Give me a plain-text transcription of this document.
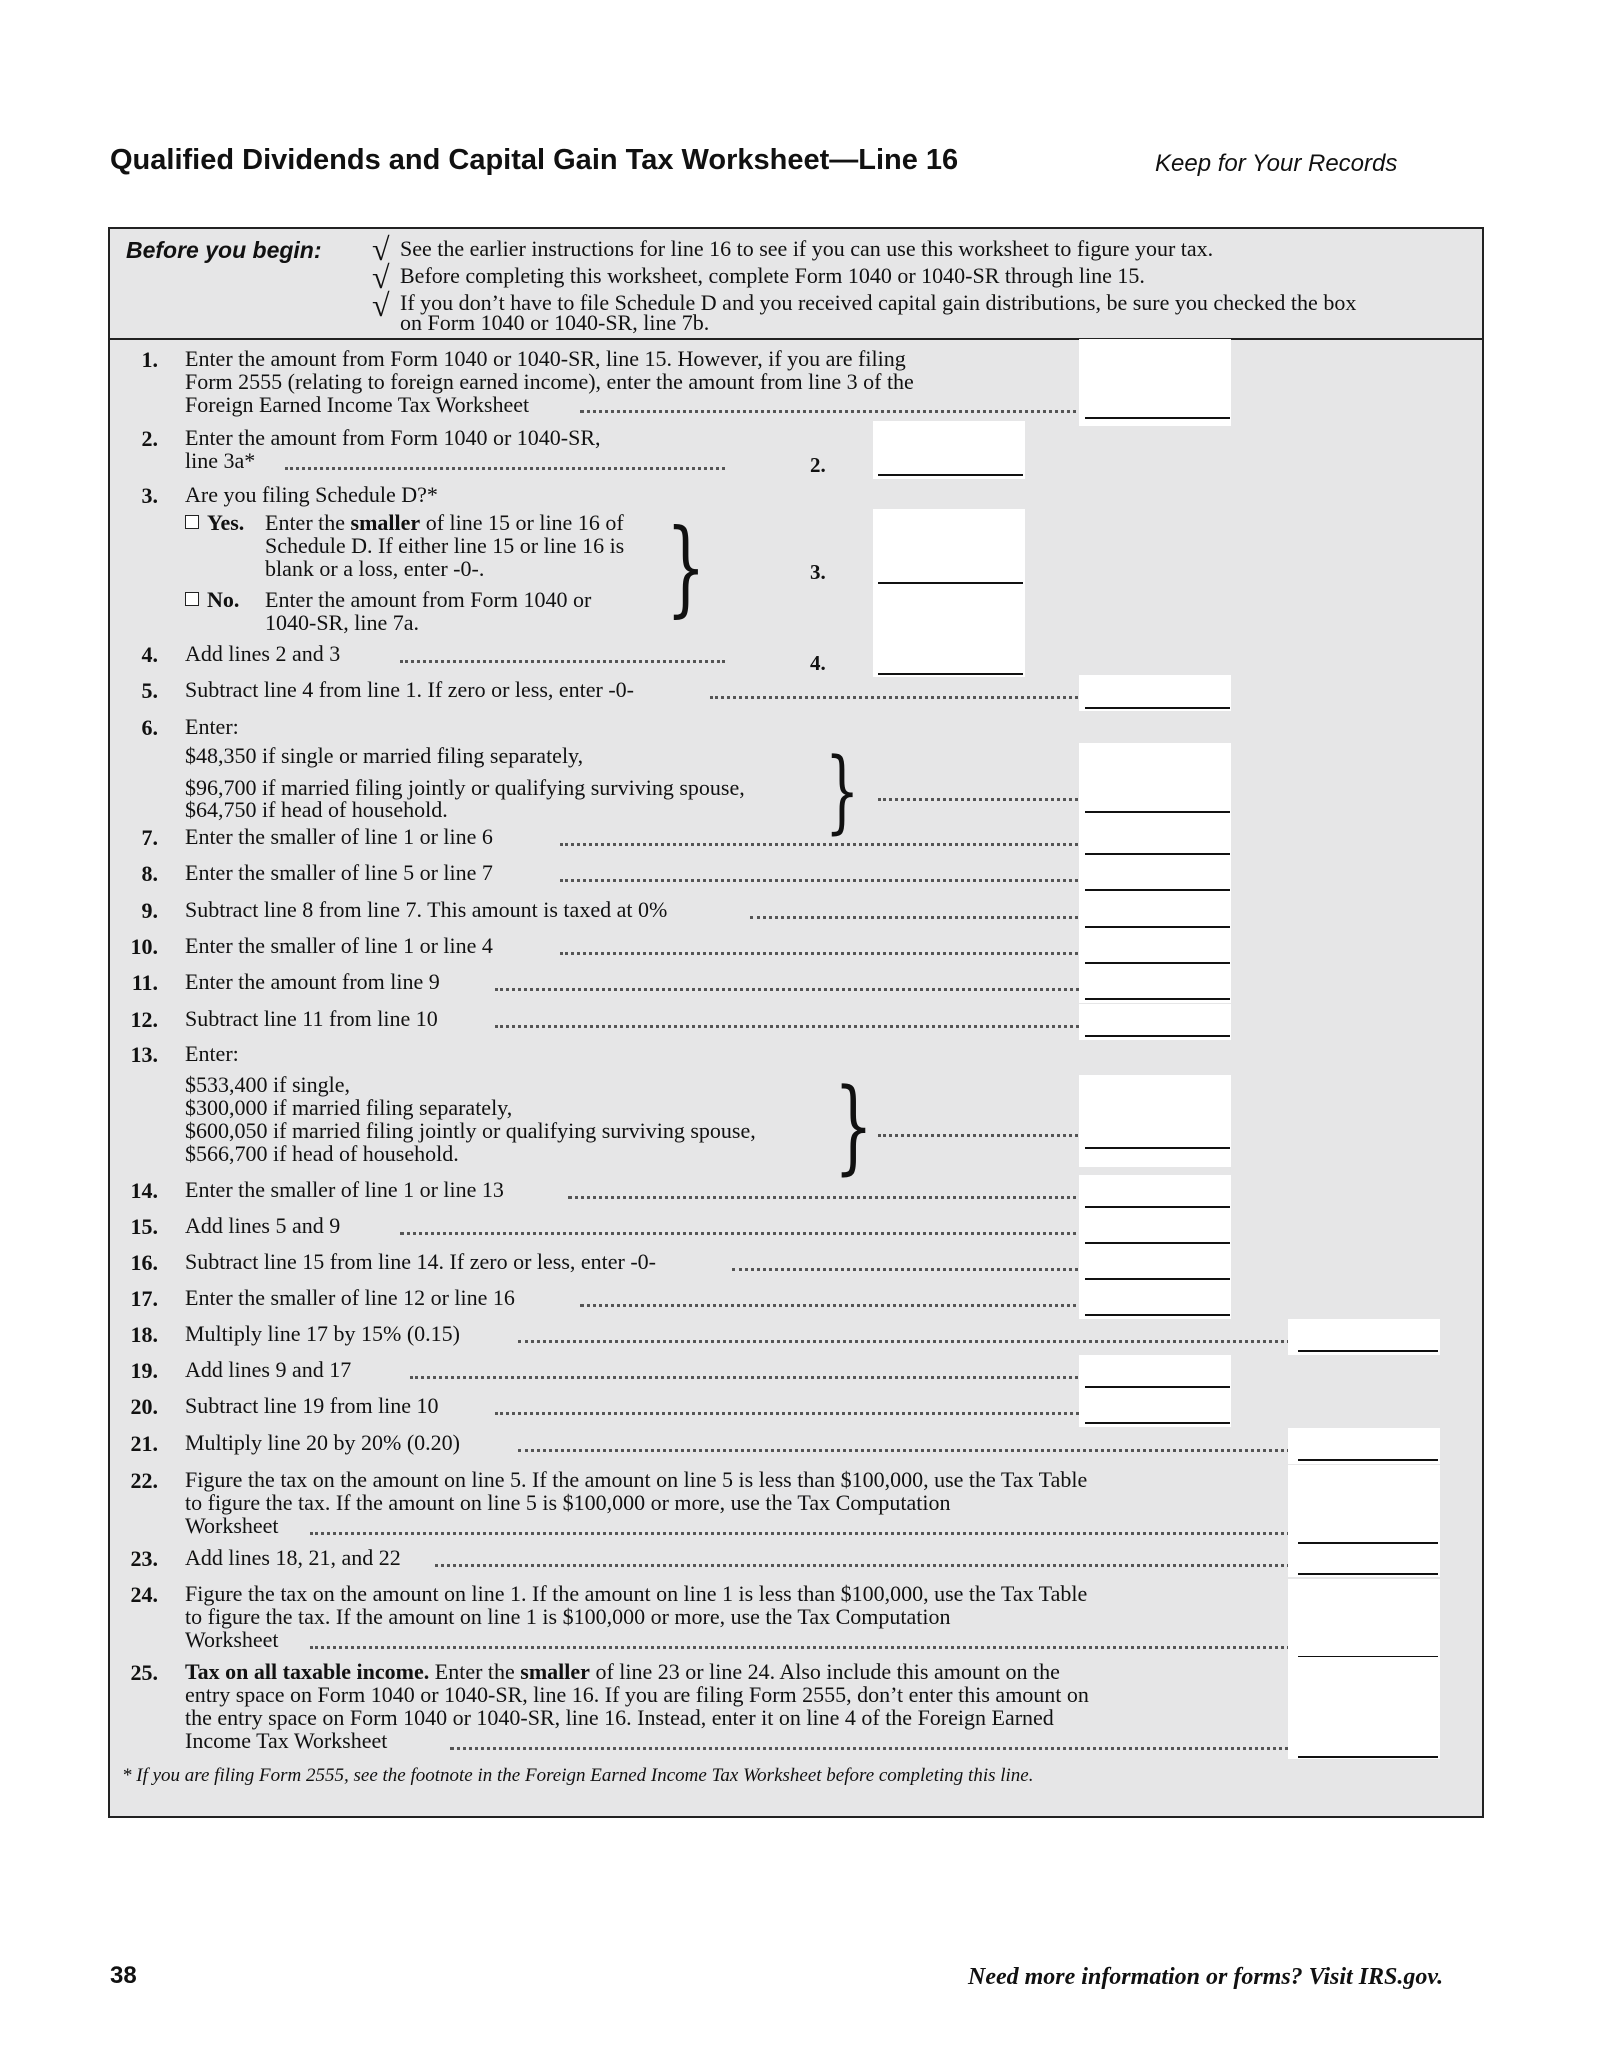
Qualified Dividends and Capital Gain Tax Worksheet—Line 16	Keep for Your Records
Before you begin: √
√
√
See the earlier instructions for line 16 to see if you can use this worksheet to figure your tax.
Before completing this worksheet, complete Form 1040 or 1040-SR through line 15.
If you don’t have to file Schedule D and you received capital gain distributions, be sure you checked the box
on Form 1040 or 1040-SR, line 7b.
1. Enter the amount from Form 1040 or 1040-SR, line 15. However, if you are filing
Form 2555 (relating to foreign earned income), enter the amount from line 3 of the
Foreign Earned Income Tax Worksheet
2. Enter the amount from Form 1040 or 1040-SR,
line 3a*	2.
3. Are you filing Schedule D?*
Yes. Enter the smaller of line 15 or line 16 of
Schedule D. If either line 15 or line 16 is
blank or a loss, enter -0-.
No. Enter the amount from Form 1040 or
1040-SR, line 7a. }	3.
4. Add lines 2 and 3	4.
5. Subtract line 4 from line 1. If zero or less, enter -0-
6. Enter:
$48,350 if single or married filing separately,
$96,700 if married filing jointly or qualifying surviving spouse,
$64,750 if head of household.	}
7. Enter the smaller of line 1 or line 6
8. Enter the smaller of line 5 or line 7
9. Subtract line 8 from line 7. This amount is taxed at 0%
10. Enter the smaller of line 1 or line 4
11. Enter the amount from line 9
12. Subtract line 11 from line 10
13. Enter:
$533,400 if single,
$300,000 if married filing separately,
$600,050 if married filing jointly or qualifying surviving spouse,
$566,700 if head of household.	}
14. Enter the smaller of line 1 or line 13
15. Add lines 5 and 9
16. Subtract line 15 from line 14. If zero or less, enter -0-
17. Enter the smaller of line 12 or line 16
18. Multiply line 17 by 15% (0.15)
19. Add lines 9 and 17
20. Subtract line 19 from line 10
21. Multiply line 20 by 20% (0.20)
22. Figure the tax on the amount on line 5. If the amount on line 5 is less than $100,000, use the Tax Table
to figure the tax. If the amount on line 5 is $100,000 or more, use the Tax Computation
Worksheet
23. Add lines 18, 21, and 22
24. Figure the tax on the amount on line 1. If the amount on line 1 is less than $100,000, use the Tax Table
to figure the tax. If the amount on line 1 is $100,000 or more, use the Tax Computation
Worksheet
25. Tax on all taxable income. Enter the smaller of line 23 or line 24. Also include this amount on the
entry space on Form 1040 or 1040-SR, line 16. If you are filing Form 2555, don’t enter this amount on
the entry space on Form 1040 or 1040-SR, line 16. Instead, enter it on line 4 of the Foreign Earned
Income Tax Worksheet
* If you are filing Form 2555, see the footnote in the Foreign Earned Income Tax Worksheet before completing this line.
38	Need more information or forms? Visit IRS.gov.
